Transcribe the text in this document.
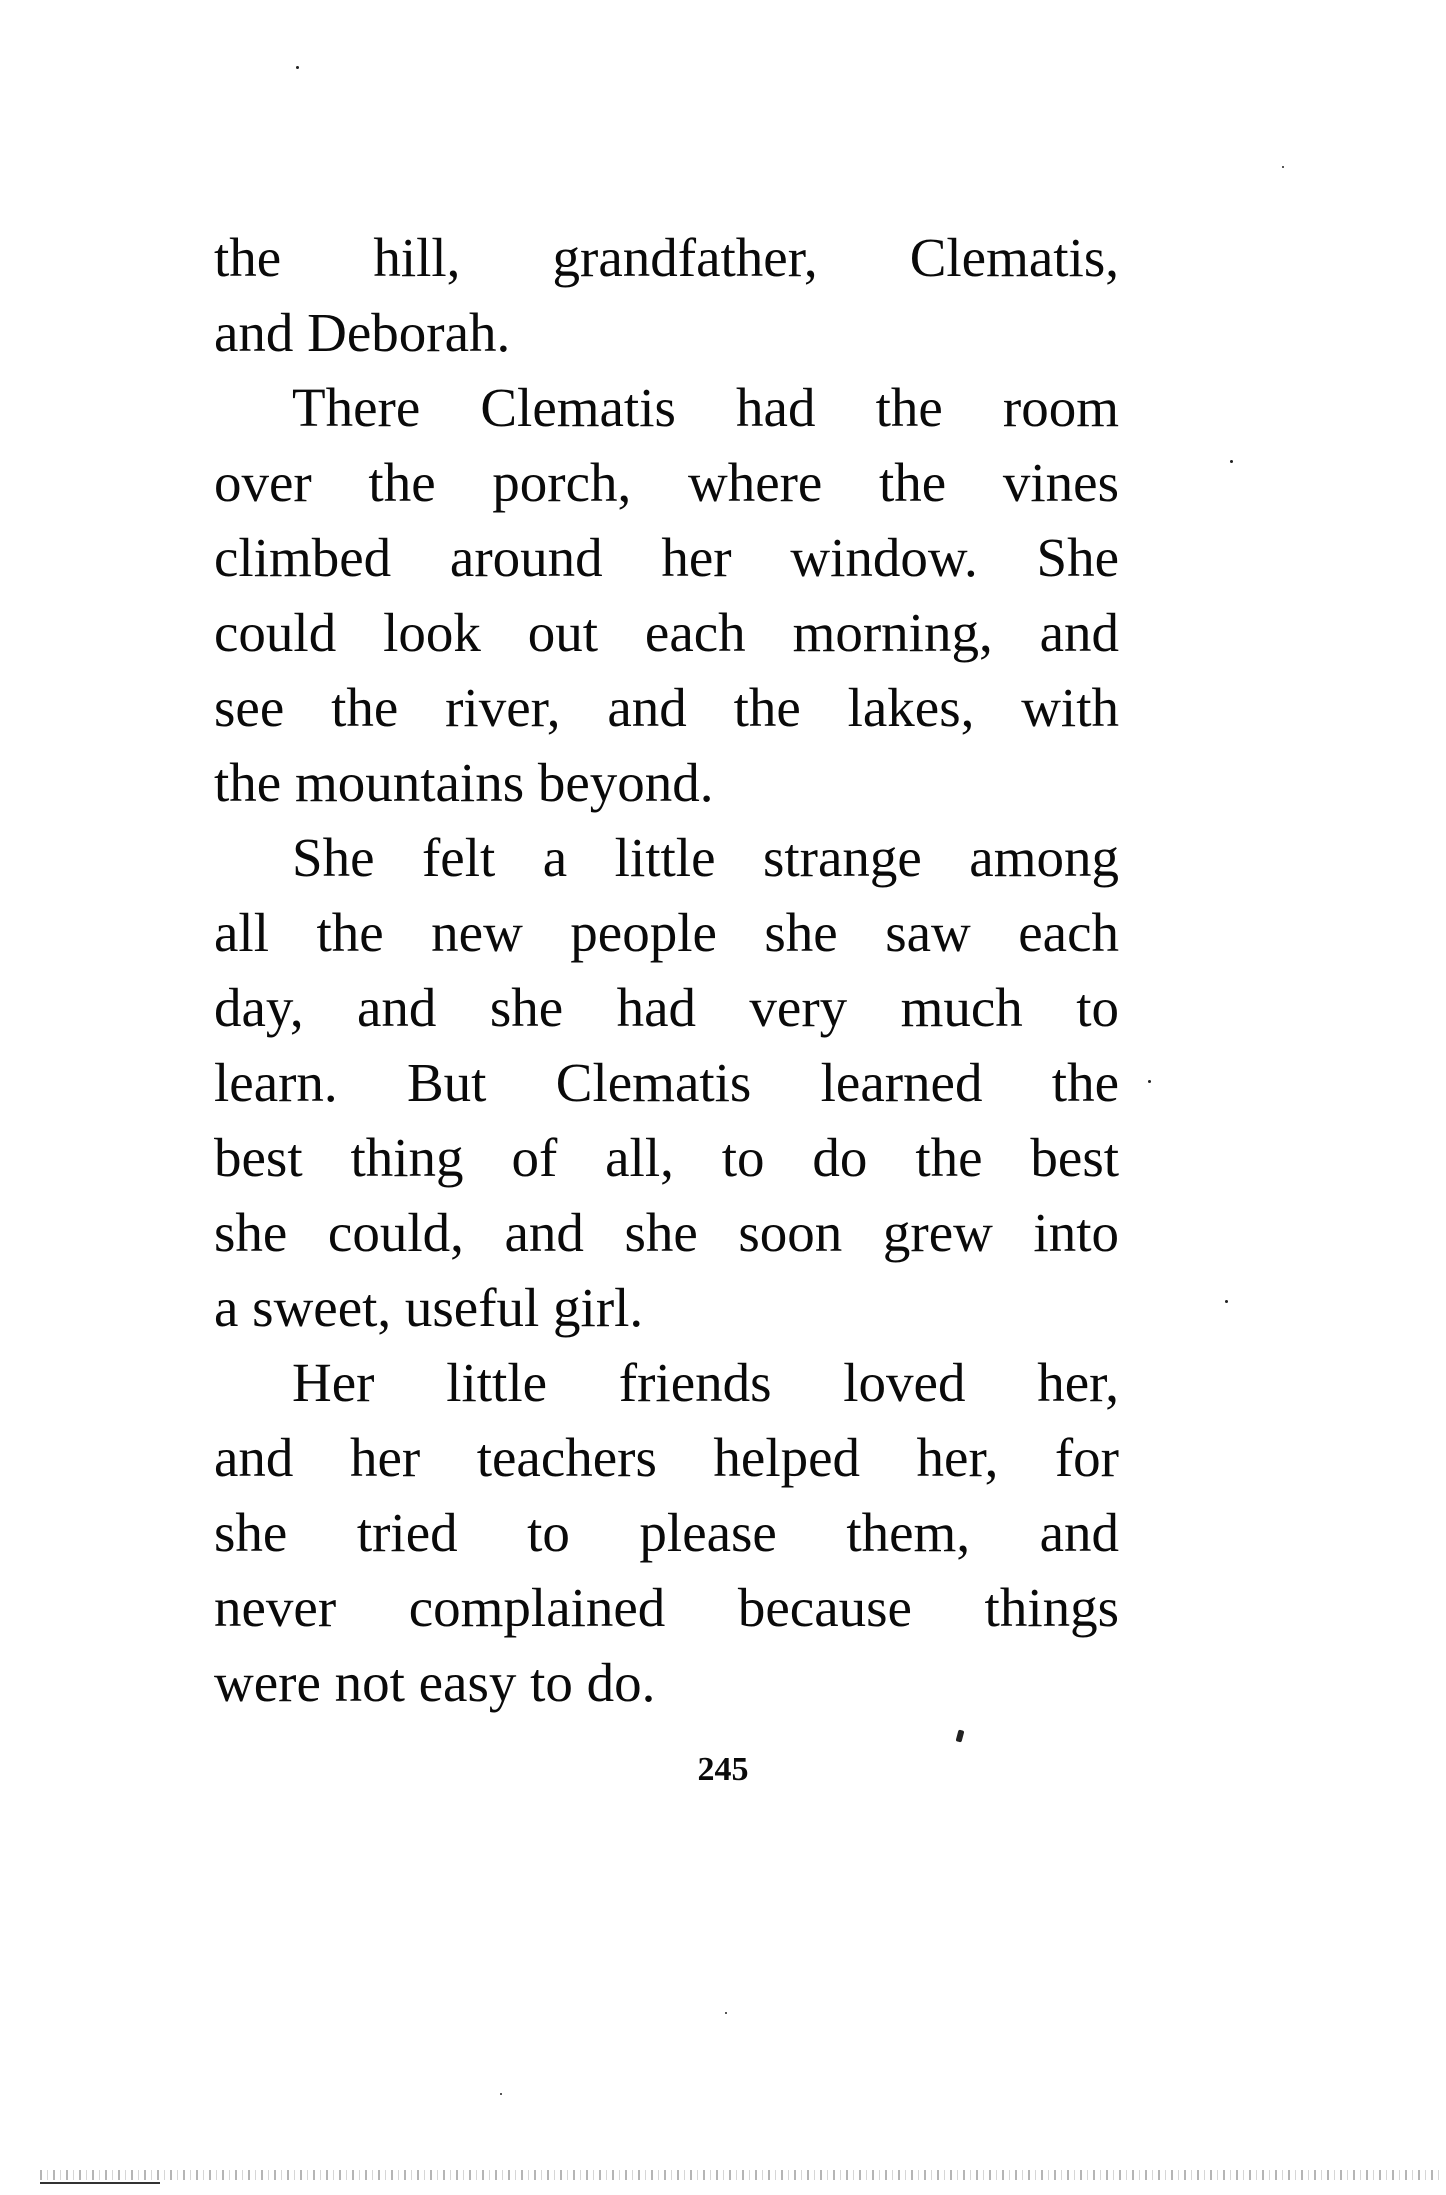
the hill, grandfather, Clematis,
and Deborah.
There Clematis had the room
over the porch, where the vines
climbed around her window. She
could look out each morning, and
see the river, and the lakes, with
the mountains beyond.
She felt a little strange among
all the new people she saw each
day, and she had very much to
learn. But Clematis learned the
best thing of all, to do the best
she could, and she soon grew into
a sweet, useful girl.
Her little friends loved her,
and her teachers helped her, for
she tried to please them, and
never complained because things
were not easy to do.
245
